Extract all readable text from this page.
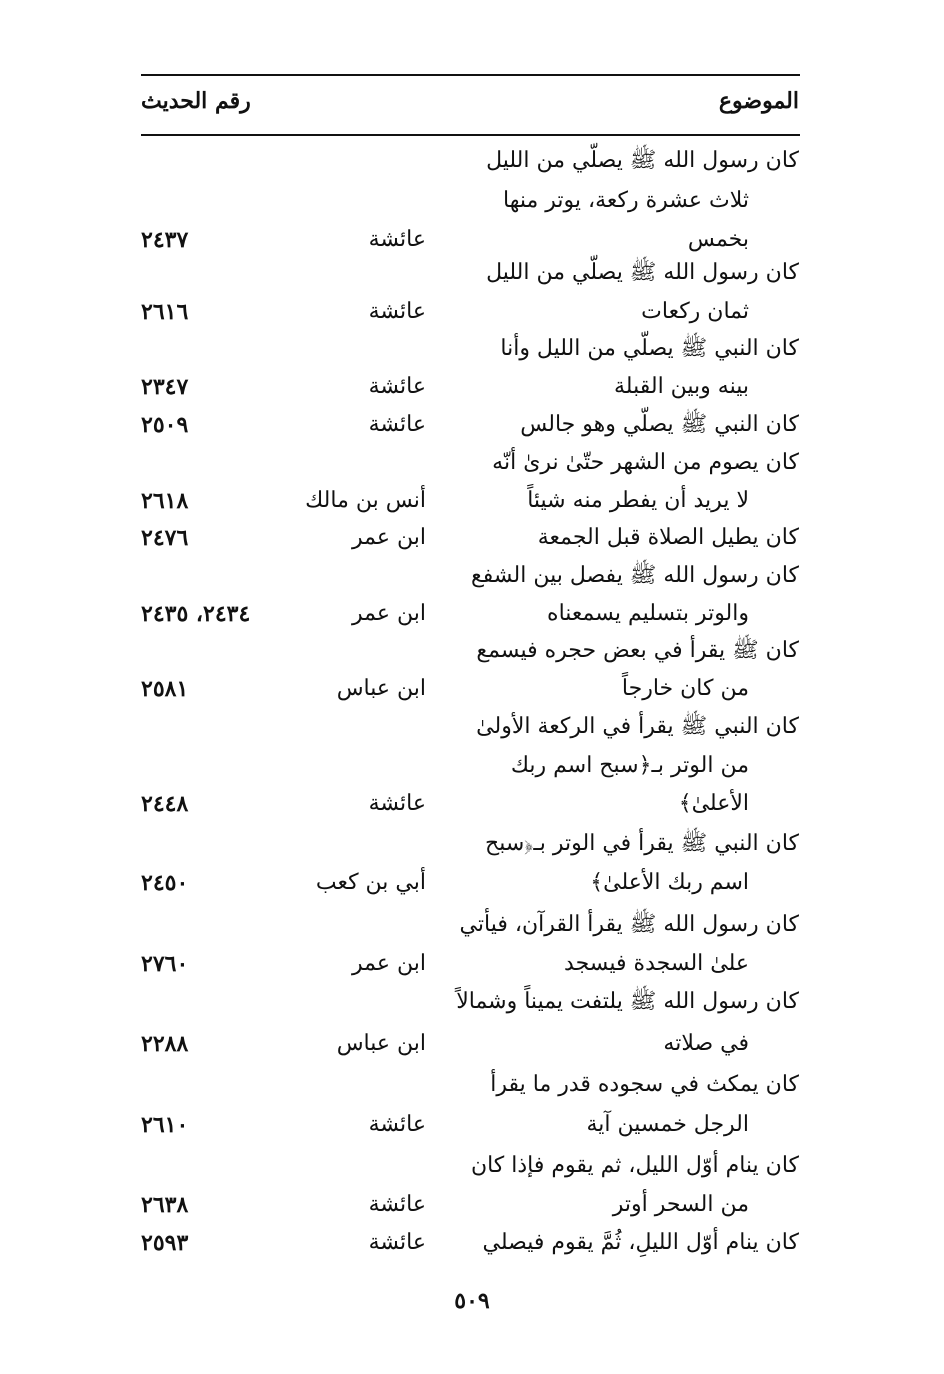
الموضوع
رقم الحديث
كان رسول الله ﷺ يصلّي من الليل
ثلاث عشرة ركعة، يوتر منها
بخمس
عائشة
٢٤٣٧
كان رسول الله ﷺ يصلّي من الليل
ثمان ركعات
عائشة
٢٦١٦
كان النبي ﷺ يصلّي من الليل وأنا
بينه وبين القبلة
عائشة
٢٣٤٧
كان النبي ﷺ يصلّي وهو جالس
عائشة
٢٥٠٩
كان يصوم من الشهر حتّىٰ نرىٰ أنّه
لا يريد أن يفطر منه شيئاً
أنس بن مالك
٢٦١٨
كان يطيل الصلاة قبل الجمعة
ابن عمر
٢٤٧٦
كان رسول الله ﷺ يفصل بين الشفع
والوتر بتسليم يسمعناه
ابن عمر
٢٤٣٤، ٢٤٣٥
كان ﷺ يقرأ في بعض حجره فيسمع
من كان خارجاً
ابن عباس
٢٥٨١
كان النبي ﷺ يقرأ في الركعة الأولىٰ
من الوتر بـ﴿سبح اسم ربك
الأعلىٰ﴾
عائشة
٢٤٤٨
كان النبي ﷺ يقرأ في الوتر بـ﴿سبح
اسم ربك الأعلىٰ﴾
أبي بن كعب
٢٤٥٠
كان رسول الله ﷺ يقرأ القرآن، فيأتي
علىٰ السجدة فيسجد
ابن عمر
٢٧٦٠
كان رسول الله ﷺ يلتفت يميناً وشمالاً
في صلاته
ابن عباس
٢٢٨٨
كان يمكث في سجوده قدر ما يقرأ
الرجل خمسين آية
عائشة
٢٦١٠
كان ينام أوّل الليل، ثم يقوم فإذا كان
من السحر أوتر
عائشة
٢٦٣٨
كان ينام أوّل الليلِ، ثُمَّ يقوم فيصلي
عائشة
٢٥٩٣
٥٠٩
